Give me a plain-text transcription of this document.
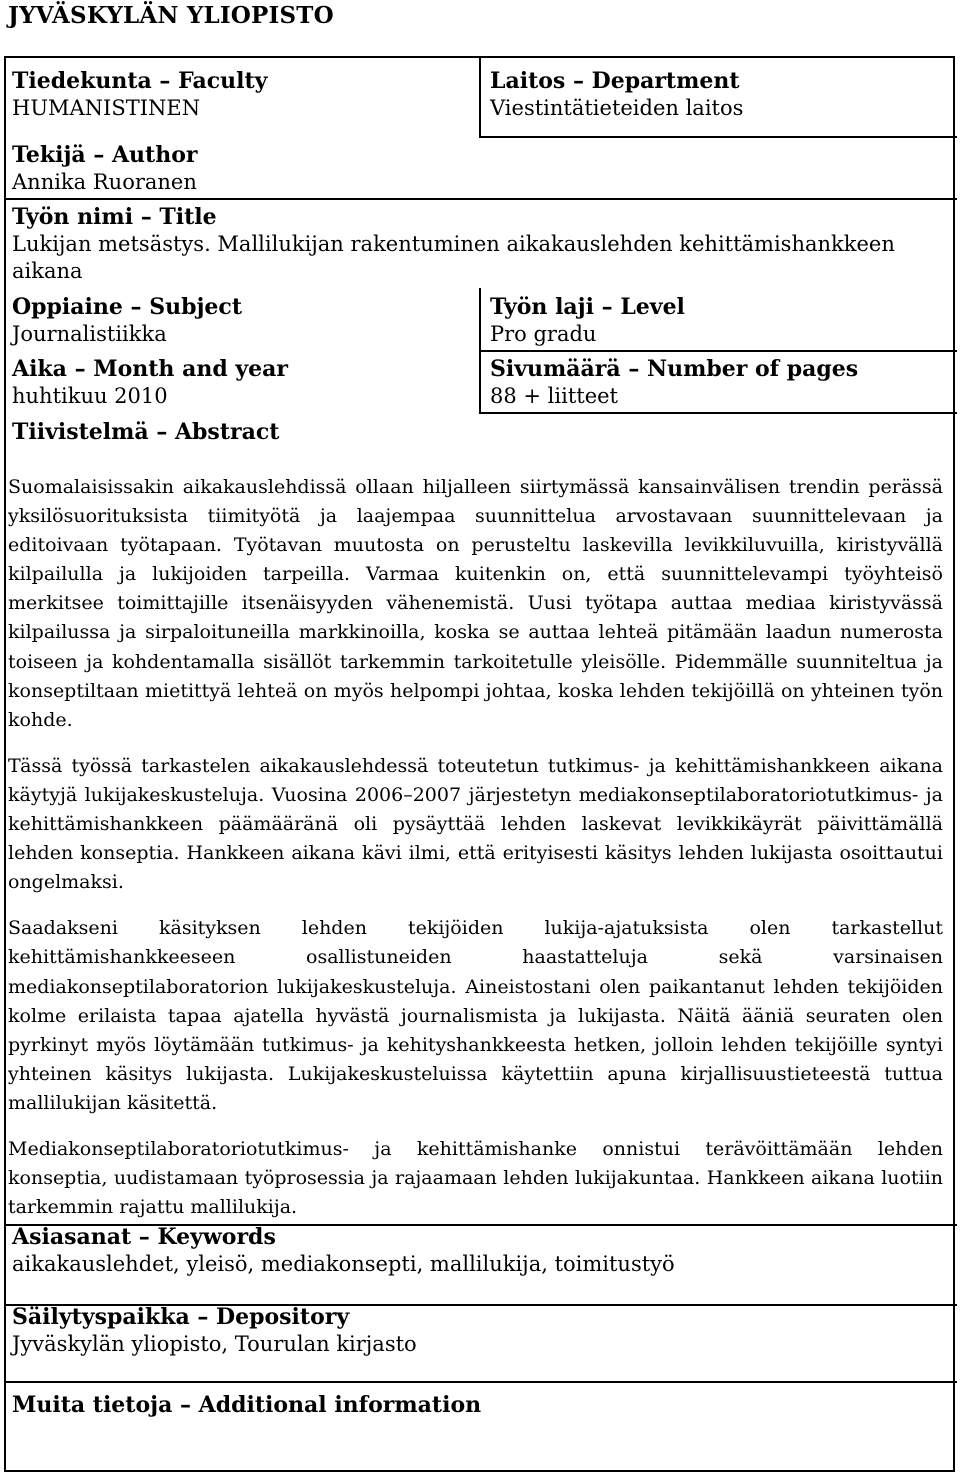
JYVÄSKYLÄN YLIOPISTO
Tiedekunta – Faculty
HUMANISTINEN
Laitos – Department
Viestintätieteiden laitos
Tekijä – Author
Annika Ruoranen
Työn nimi – Title
Lukijan metsästys. Mallilukijan rakentuminen aikakauslehden kehittämishankkeen aikana
Oppiaine – Subject
Journalistiikka
Työn laji – Level
Pro gradu
Aika – Month and year
huhtikuu 2010
Sivumäärä – Number of pages
88 + liitteet
Tiivistelmä – Abstract

Suomalaisissakin aikakauslehdissä ollaan hiljalleen siirtymässä kansainvälisen trendin perässä yksilösuorituksista tiimityötä ja laajempaa suunnittelua arvostavaan suunnittelevaan ja editoivaan työtapaan. Työtavan muutosta on perusteltu laskevilla levikkiluvuilla, kiristyvällä kilpailulla ja lukijoiden tarpeilla. Varmaa kuitenkin on, että suunnittelevampi työyhteisö merkitsee toimittajille itsenäisyyden vähenemistä. Uusi työtapa auttaa mediaa kiristyvässä kilpailussa ja sirpaloituneilla markkinoilla, koska se auttaa lehteä pitämään laadun numerosta toiseen ja kohdentamalla sisällöt tarkemmin tarkoitetulle yleisölle. Pidemmälle suunniteltua ja konseptiltaan mietittyä lehteä on myös helpompi johtaa, koska lehden tekijöillä on yhteinen työn kohde.

Tässä työssä tarkastelen aikakauslehdessä toteutetun tutkimus- ja kehittämishankkeen aikana käytyjä lukijakeskusteluja. Vuosina 2006–2007 järjestetyn mediakonseptilaboratoriotutkimus- ja kehittämishankkeen päämääränä oli pysäyttää lehden laskevat levikkikäyrät päivittämällä lehden konseptia. Hankkeen aikana kävi ilmi, että erityisesti käsitys lehden lukijasta osoittautui ongelmaksi.

Saadakseni käsityksen lehden tekijöiden lukija-ajatuksista olen tarkastellut kehittämishankkeeseen osallistuneiden haastatteluja sekä varsinaisen mediakonseptilaboratorion lukijakeskusteluja. Aineistostani olen paikantanut lehden tekijöiden kolme erilaista tapaa ajatella hyvästä journalismista ja lukijasta. Näitä ääniä seuraten olen pyrkinyt myös löytämään tutkimus- ja kehityshankkeesta hetken, jolloin lehden tekijöille syntyi yhteinen käsitys lukijasta. Lukijakeskusteluissa käytettiin apuna kirjallisuustieteestä tuttua mallilukijan käsitettä.

Mediakonseptilaboratoriotutkimus- ja kehittämishanke onnistui terävöittämään lehden konseptia, uudistamaan työprosessia ja rajaamaan lehden lukijakuntaa. Hankkeen aikana luotiin tarkemmin rajattu mallilukija.

Asiasanat – Keywords
aikakauslehdet, yleisö, mediakonsepti, mallilukija, toimitustyö
Säilytyspaikka – Depository
Jyväskylän yliopisto, Tourulan kirjasto
Muita tietoja – Additional information
